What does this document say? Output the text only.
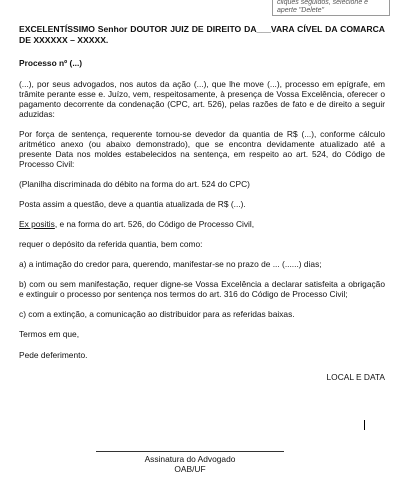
cliques seguidos, selecione e
aperte "Delete"

EXCELENTÍSSIMO Senhor DOUTOR JUIZ DE DIREITO DA___VARA CÍVEL DA COMARCA DE XXXXXX – XXXXX.

Processo nº (...)

(...), por seus advogados, nos autos da ação (...), que lhe move (...), processo em epígrafe, em trâmite perante esse e. Juízo, vem, respeitosamente, à presença de Vossa Excelência, oferecer o pagamento decorrente da condenação (CPC, art. 526), pelas razões de fato e de direito a seguir aduzidas:

Por força de sentença, requerente tornou-se devedor da quantia de R$ (...), conforme cálculo aritmético anexo (ou abaixo demonstrado), que se encontra devidamente atualizado até a presente Data nos moldes estabelecidos na sentença, em respeito ao art. 524, do Código de Processo Civil:

(Planilha discriminada do débito na forma do art. 524 do CPC)

Posta assim a questão, deve a quantia atualizada de R$ (...).

Ex positis, e na forma do art. 526, do Código de Processo Civil,

requer o depósito da referida quantia, bem como:

a) a intimação do credor para, querendo, manifestar-se no prazo de ... (......) dias;

b) com ou sem manifestação, requer digne-se Vossa Excelência a declarar satisfeita a obrigação e extinguir o processo por sentença nos termos do art. 316 do Código de Processo Civil;

c) com a extinção, a comunicação ao distribuidor para as referidas baixas.

Termos em que,

Pede deferimento.

LOCAL E DATA

Assinatura do Advogado
OAB/UF
